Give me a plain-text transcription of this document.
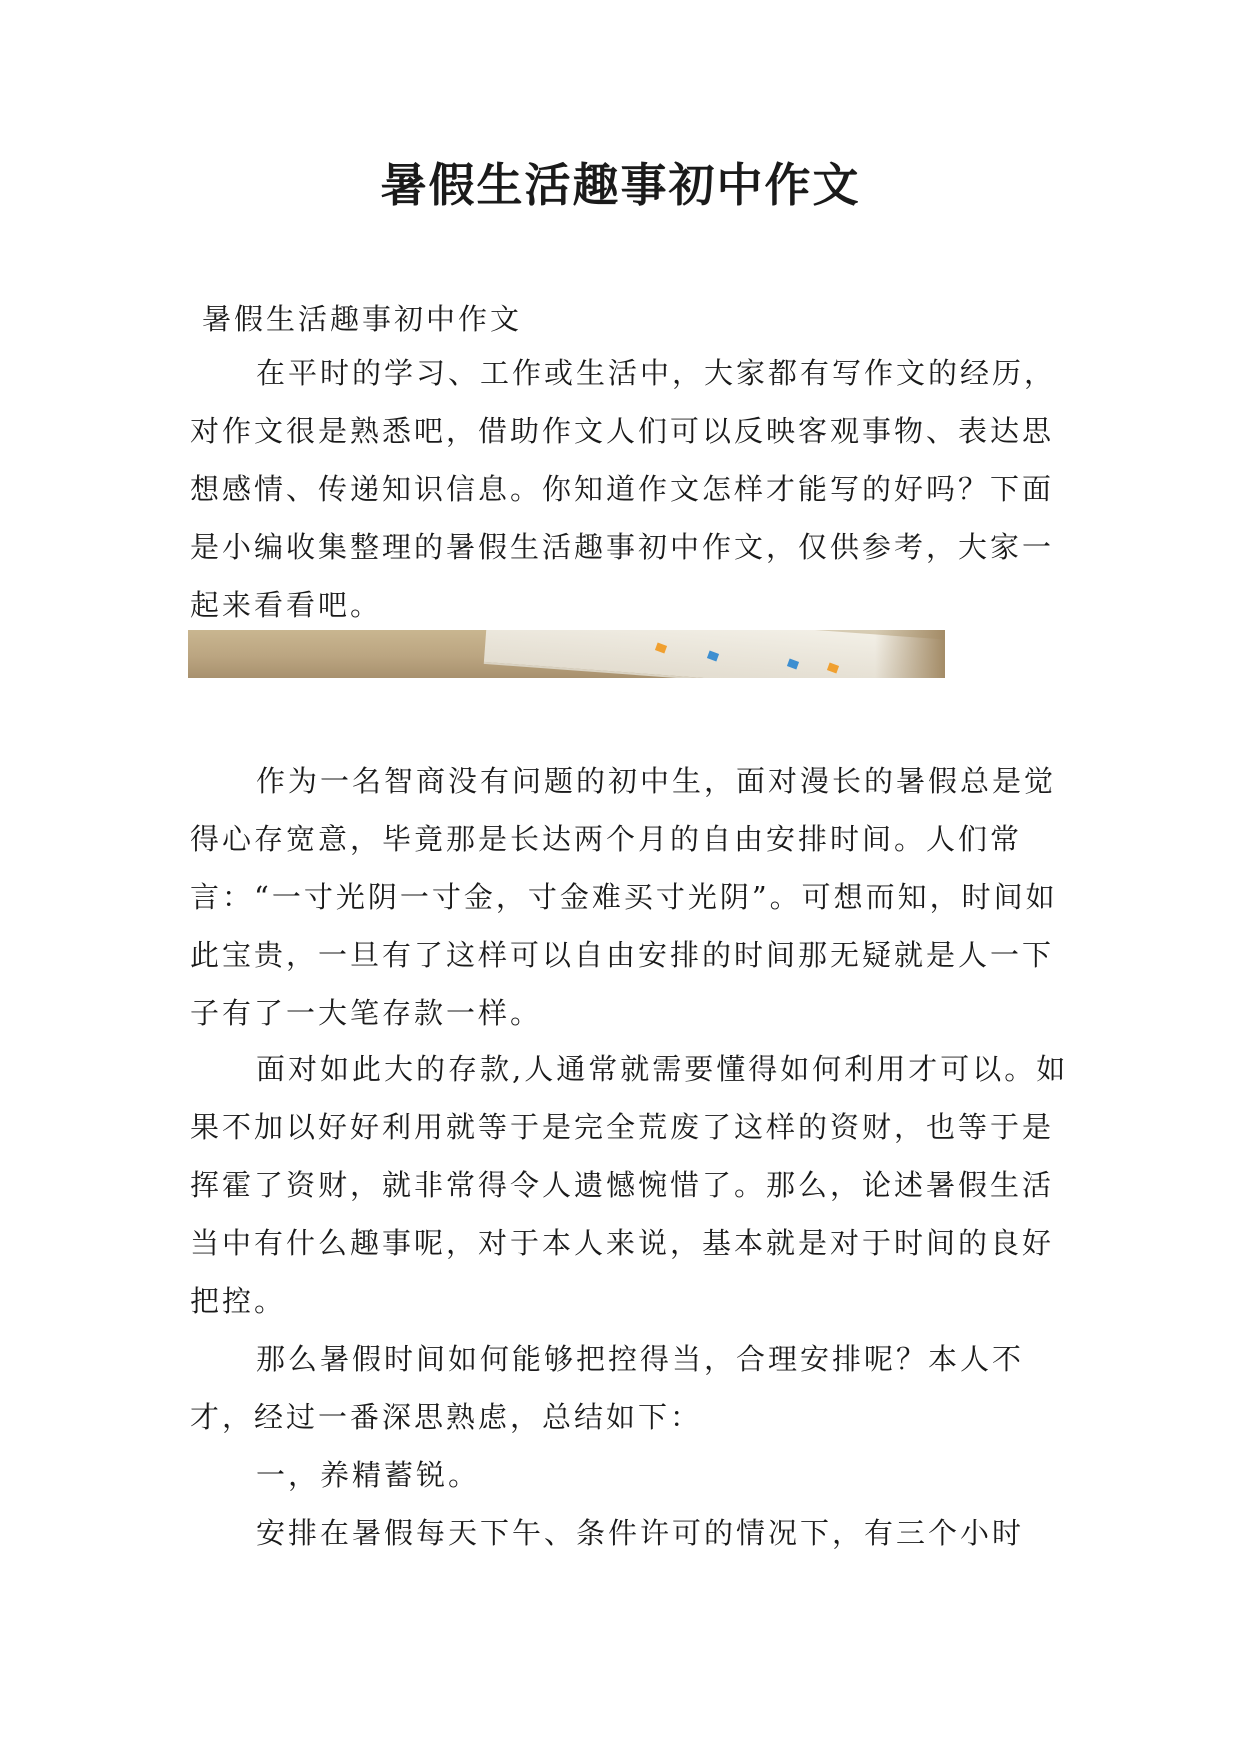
暑假生活趣事初中作文

暑假生活趣事初中作文

在平时的学习、工作或生活中，大家都有写作文的经历，对作文很是熟悉吧，借助作文人们可以反映客观事物、表达思想感情、传递知识信息。你知道作文怎样才能写的好吗？下面是小编收集整理的暑假生活趣事初中作文，仅供参考，大家一起来看看吧。

作为一名智商没有问题的初中生，面对漫长的暑假总是觉得心存宽意，毕竟那是长达两个月的自由安排时间。人们常言：“一寸光阴一寸金，寸金难买寸光阴”。可想而知，时间如此宝贵，一旦有了这样可以自由安排的时间那无疑就是人一下子有了一大笔存款一样。

面对如此大的存款,人通常就需要懂得如何利用才可以。如果不加以好好利用就等于是完全荒废了这样的资财，也等于是挥霍了资财，就非常得令人遗憾惋惜了。那么，论述暑假生活当中有什么趣事呢，对于本人来说，基本就是对于时间的良好把控。

那么暑假时间如何能够把控得当，合理安排呢？本人不才，经过一番深思熟虑，总结如下：

一，养精蓄锐。

安排在暑假每天下午、条件许可的情况下，有三个小时
